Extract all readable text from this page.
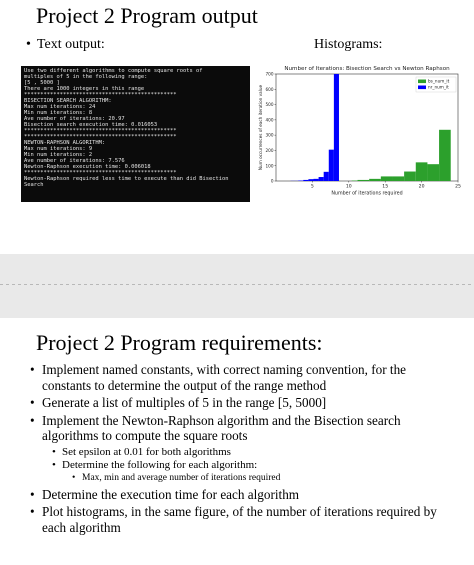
Project 2 Program output
• Text output:	Histograms:
Use two different algorithms to compute square roots of
multiples of 5 in the following range:
[5 , 5000 ]
There are 1000 integers in this range
***********************************************
BISECTION SEARCH ALGORITHM:
Max num iterations: 24
Min num iterations: 8
Ave number of iterations: 20.97
Bisection search execution time: 0.016053
***********************************************
***********************************************
NEWTON-RAPHSON ALGORITHM:
Max num iterations: 9
Min num iterations: 2
Ave number of iterations: 7.576
Newton-Raphson execution time: 0.006018
***********************************************
Newton-Raphson required less time to execute than did Bisection
Search
Number of Iterations: Bisection Search vs Newton Raphson
0
100
200
300
400
500
600
700
5	10	15	20	25
Number of iterations required
Num occurrences of each iteration value
bs_num_it
nr_num_it
Project 2 Program requirements:
• Implement named constants, with correct naming convention, for the constants to determine the output of the range method
• Generate a list of multiples of 5 in the range [5, 5000]
• Implement the Newton-Raphson algorithm and the Bisection search algorithms to compute the square roots
• Set epsilon at 0.01 for both algorithms
• Determine the following for each algorithm:
• Max, min and average number of iterations required
• Determine the execution time for each algorithm
• Plot histograms, in the same figure, of the number of iterations required by each algorithm
